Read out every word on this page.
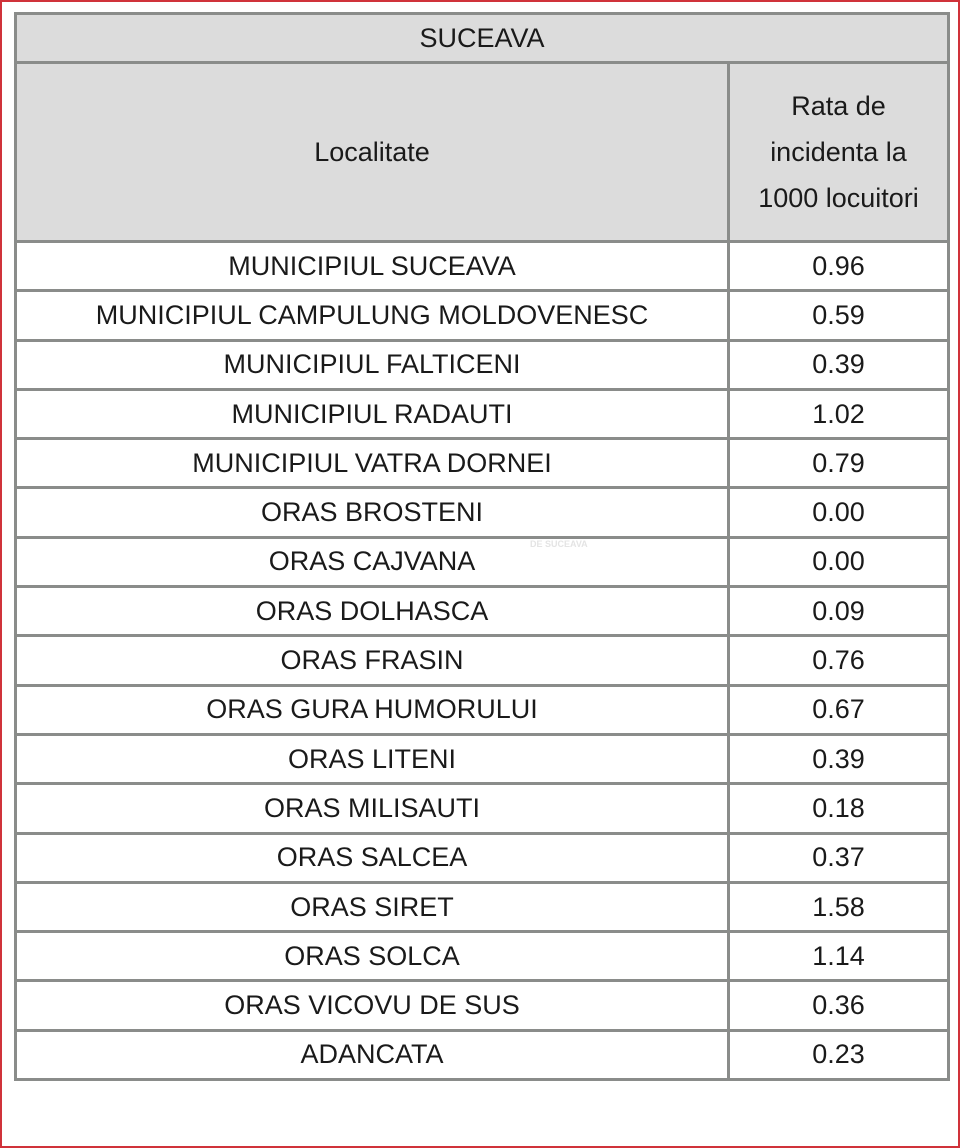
SUCEAVA	
Localitate	Rata de incidenta la 1000 locuitori
MUNICIPIUL SUCEAVA	0.96
MUNICIPIUL CAMPULUNG MOLDOVENESC	0.59
MUNICIPIUL FALTICENI	0.39
MUNICIPIUL RADAUTI	1.02
MUNICIPIUL VATRA DORNEI	0.79
ORAS BROSTENI	0.00
ORAS CAJVANA	0.00
ORAS DOLHASCA	0.09
ORAS FRASIN	0.76
ORAS GURA HUMORULUI	0.67
ORAS LITENI	0.39
ORAS MILISAUTI	0.18
ORAS SALCEA	0.37
ORAS SIRET	1.58
ORAS SOLCA	1.14
ORAS VICOVU DE SUS	0.36
ADANCATA	0.23
DE SUCEAVA
